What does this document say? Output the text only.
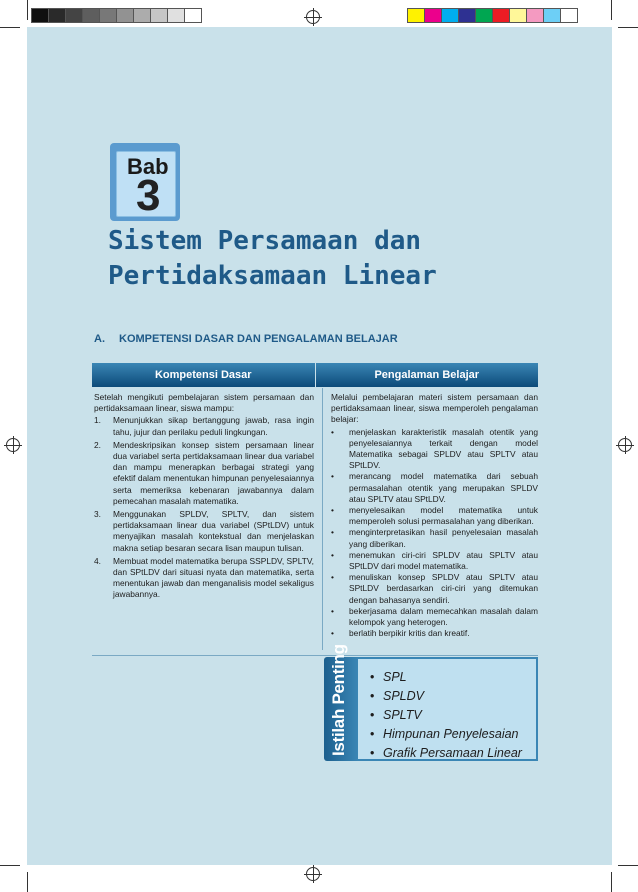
Bab
3
Sistem Persamaan dan
Pertidaksamaan Linear
A. KOMPETENSI DASAR DAN PENGALAMAN BELAJAR
Kompetensi Dasar	Pengalaman Belajar

Setelah mengikuti pembelajaran sistem persamaan dan pertidaksamaan linear, siswa mampu:

1.	Menunjukkan sikap bertanggung jawab, rasa ingin tahu, jujur dan perilaku peduli lingkungan.
2.	Mendeskripsikan konsep sistem persamaan linear dua variabel serta pertidaksamaan linear dua variabel dan mampu menerapkan berbagai strategi yang efektif dalam menentukan himpunan penyelesaiannya serta memeriksa kebenaran jawabannya dalam pemecahan masalah matematika.
3.	Menggunakan SPLDV, SPLTV, dan sistem pertidaksamaan linear dua variabel (SPtLDV) untuk menyajikan masalah kontekstual dan menjelaskan makna setiap besaran secara lisan maupun tulisan.
4.	Membuat model matematika berupa SSPLDV, SPLTV, dan SPtLDV dari situasi nyata dan matematika, serta menentukan jawab dan menganalisis model sekaligus jawabannya.

Melalui pembelajaran materi sistem persamaan dan pertidaksamaan linear, siswa memperoleh pengalaman belajar:

•	menjelaskan karakteristik masalah otentik yang penyelesaiannya terkait dengan model Matematika sebagai SPLDV atau SPLTV atau SPtLDV.
•	merancang model matematika dari sebuah permasalahan otentik yang merupakan SPLDV atau SPLTV atau SPtLDV.
•	menyelesaikan model matematika untuk memperoleh solusi permasalahan yang diberikan.
•	menginterpretasikan hasil penyelesaian masalah yang diberikan.
•	menemukan ciri-ciri SPLDV atau SPLTV atau SPtLDV dari model matematika.
•	menuliskan konsep SPLDV atau SPLTV atau SPtLDV berdasarkan ciri-ciri yang ditemukan dengan bahasanya sendiri.
•	bekerjasama dalam memecahkan masalah dalam kelompok yang heterogen.
•	berlatih berpikir kritis dan kreatif.
Istilah Penting
•	SPL
• SPLDV
• SPLTV
• Himpunan Penyelesaian
• Grafik Persamaan Linear
